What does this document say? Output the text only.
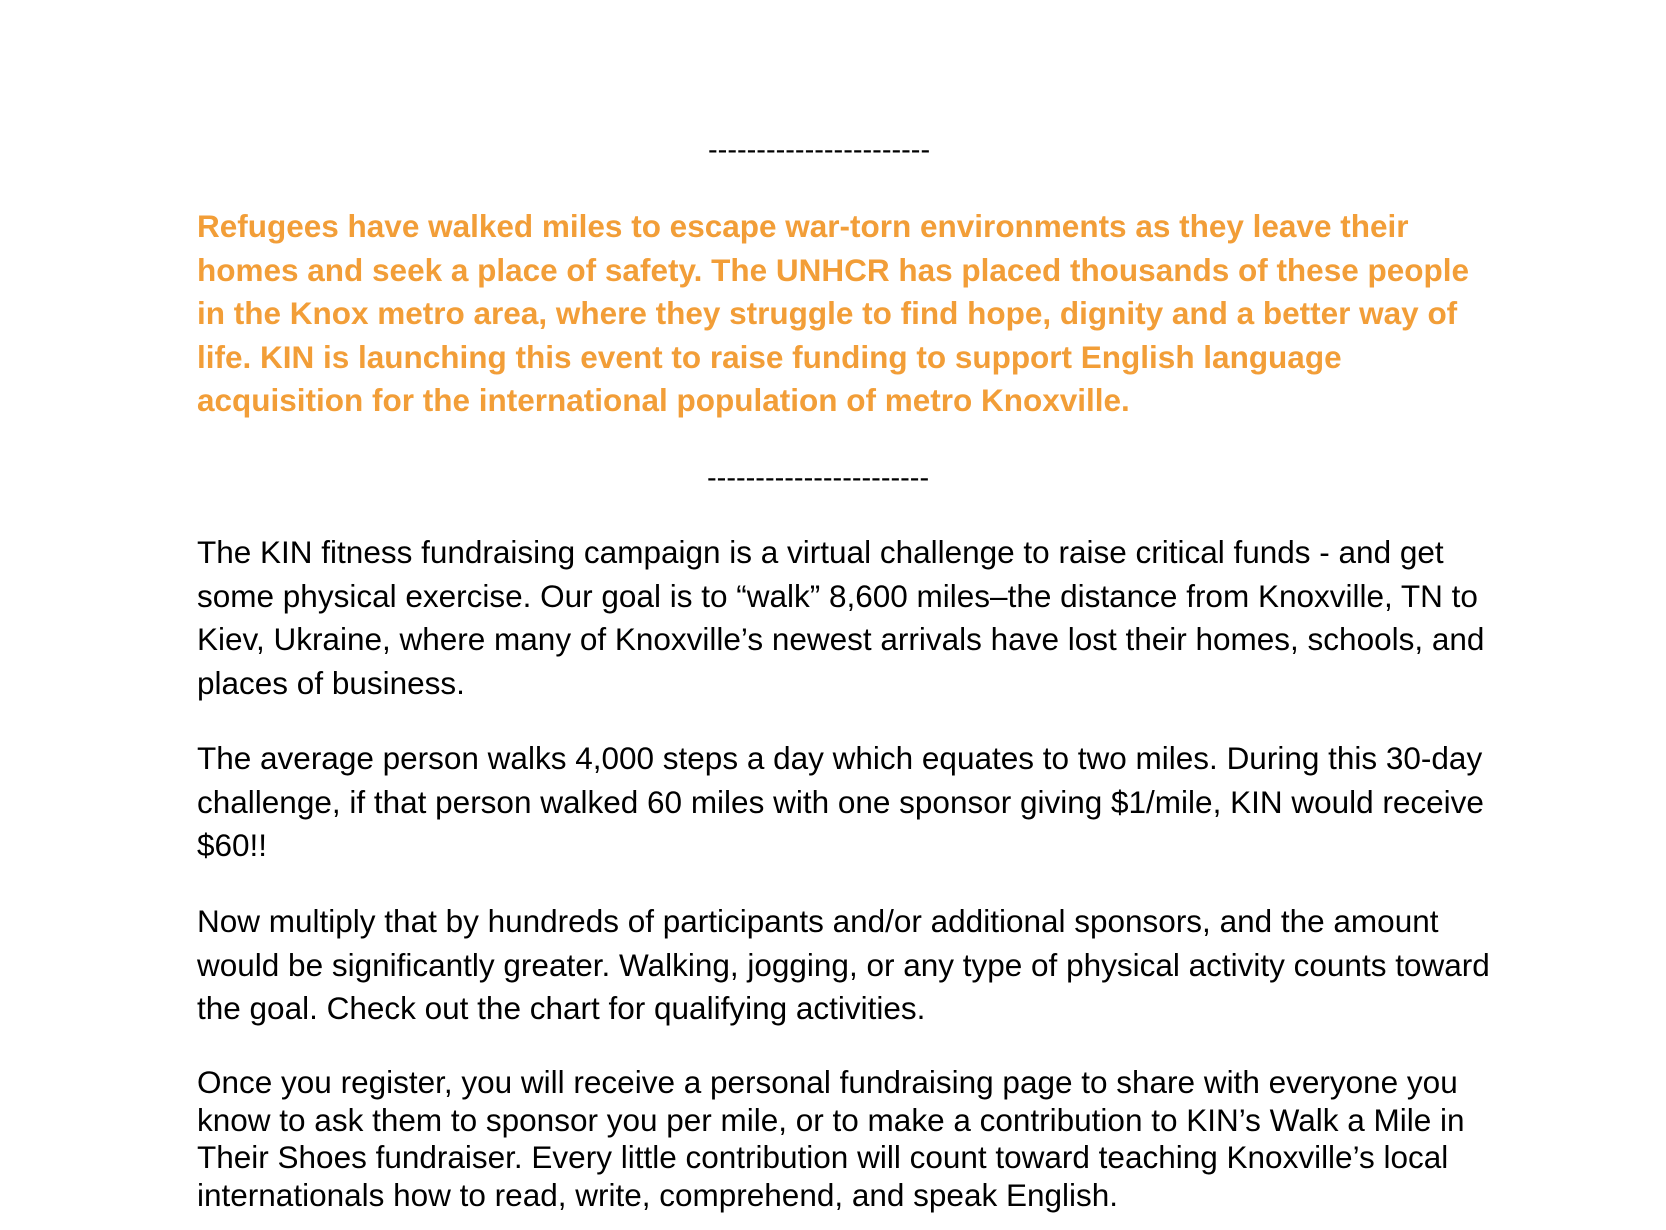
-----------------------

Refugees have walked miles to escape war-torn environments as they leave their homes and seek a place of safety. The UNHCR has placed thousands of these people in the Knox metro area, where they struggle to find hope, dignity and a better way of life. KIN is launching this event to raise funding to support English language acquisition for the international population of metro Knoxville.

-----------------------

The KIN fitness fundraising campaign is a virtual challenge to raise critical funds - and get some physical exercise. Our goal is to “walk” 8,600 miles–the distance from Knoxville, TN to Kiev, Ukraine, where many of Knoxville’s newest arrivals have lost their homes, schools, and places of business.

The average person walks 4,000 steps a day which equates to two miles. During this 30-day challenge, if that person walked 60 miles with one sponsor giving $1/mile, KIN would receive $60!!

Now multiply that by hundreds of participants and/or additional sponsors, and the amount would be significantly greater. Walking, jogging, or any type of physical activity counts toward the goal. Check out the chart for qualifying activities.

Once you register, you will receive a personal fundraising page to share with everyone you know to ask them to sponsor you per mile, or to make a contribution to KIN’s Walk a Mile in Their Shoes fundraiser. Every little contribution will count toward teaching Knoxville’s local internationals how to read, write, comprehend, and speak English.
